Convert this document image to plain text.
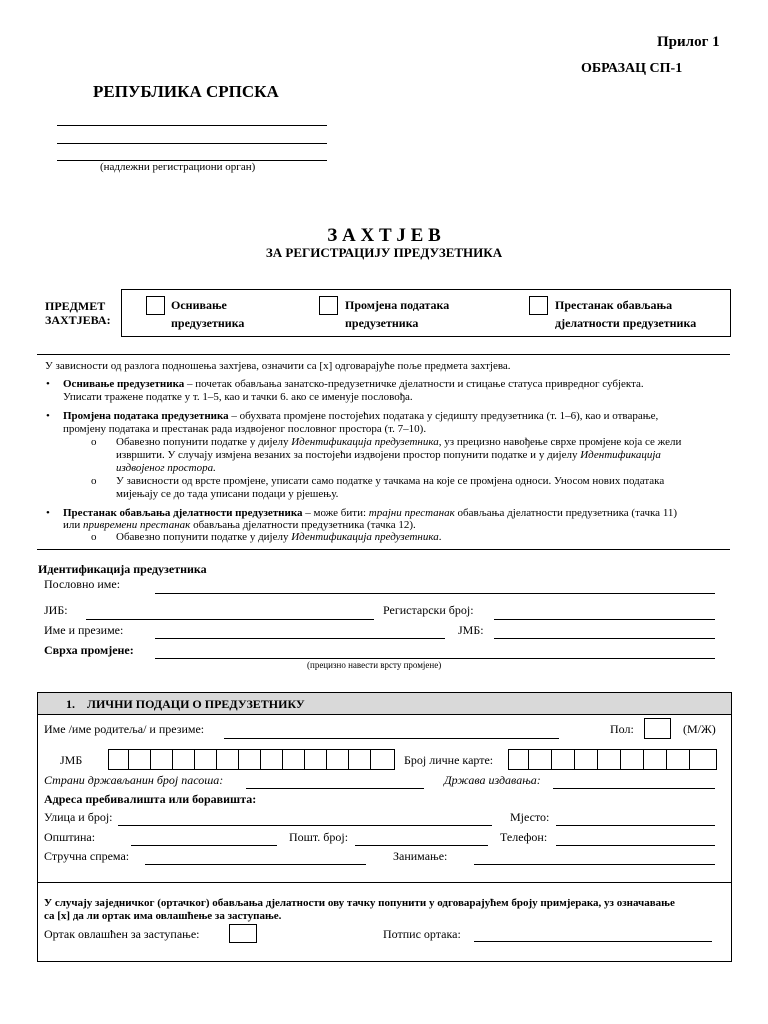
Прилог 1
ОБРАЗАЦ СП-1
РЕПУБЛИКА СРПСКА
(надлежни регистрациони орган)
З А Х Т Ј Е В
ЗА РЕГИСТРАЦИЈУ ПРЕДУЗЕТНИКА
ПРЕДМЕТ
ЗАХТЈЕВА:
Оснивање
предузетника
Промјена података
предузетника
Престанак обављања
дјелатности предузетника
У зависности од разлога подношења захтјева, означити са [x] одговарајуће поље предмета захтјева.
• Оснивање предузетника – почетак обављања занатско-предузетничке дјелатности и стицање статуса привредног субјекта.
Уписати тражене податке у т. 1–5, као и тачки 6. ако се именује пословођа.
• Промјена података предузетника – обухвата промјене постојећих података у сједишту предузетника (т. 1–6), као и отварање,
промјену података и престанак рада издвојеног пословног простора (т. 7–10).
o Обавезно попунити податке у дијелу Идентификација предузетника, уз прецизно навођење сврхе промјене која се жели
извршити. У случају измјена везаних за постојећи издвојени простор попунити податке и у дијелу Идентификација
издвојеног простора.
o У зависности од врсте промјене, уписати само податке у тачкама на које се промјена односи. Уносом нових података
мијењају се до тада уписани подаци у рјешењу.
• Престанак обављања дјелатности предузетника – може бити: трајни престанак обављања дјелатности предузетника (тачка 11)
или привремени престанак обављања дјелатности предузетника (тачка 12).
o Обавезно попунити податке у дијелу Идентификација предузетника.
Идентификација предузетника
Пословно име:
ЈИБ:	Регистарски број:
Име и презиме:	ЈМБ:
Сврха промјене:
(прецизно навести врсту промјене)
1.    ЛИЧНИ ПОДАЦИ О ПРЕДУЗЕТНИКУ
Име /име родитеља/ и презиме:	Пол:	(М/Ж)
ЈМБ	Број личне карте:
Страни држављанин број пасоша:	Држава издавања:
Адреса пребивалишта или боравишта:
Улица и број:	Мјесто:
Општина:	Пошт. број:	Телефон:
Стручна спрема:	Занимање:
У случају заједничког (ортачког) обављања дјелатности ову тачку попунити у одговарајућем броју примјерака, уз означавање
са [x] да ли ортак има овлашћење за заступање.
Ортак овлашћен за заступање:	Потпис ортака:
